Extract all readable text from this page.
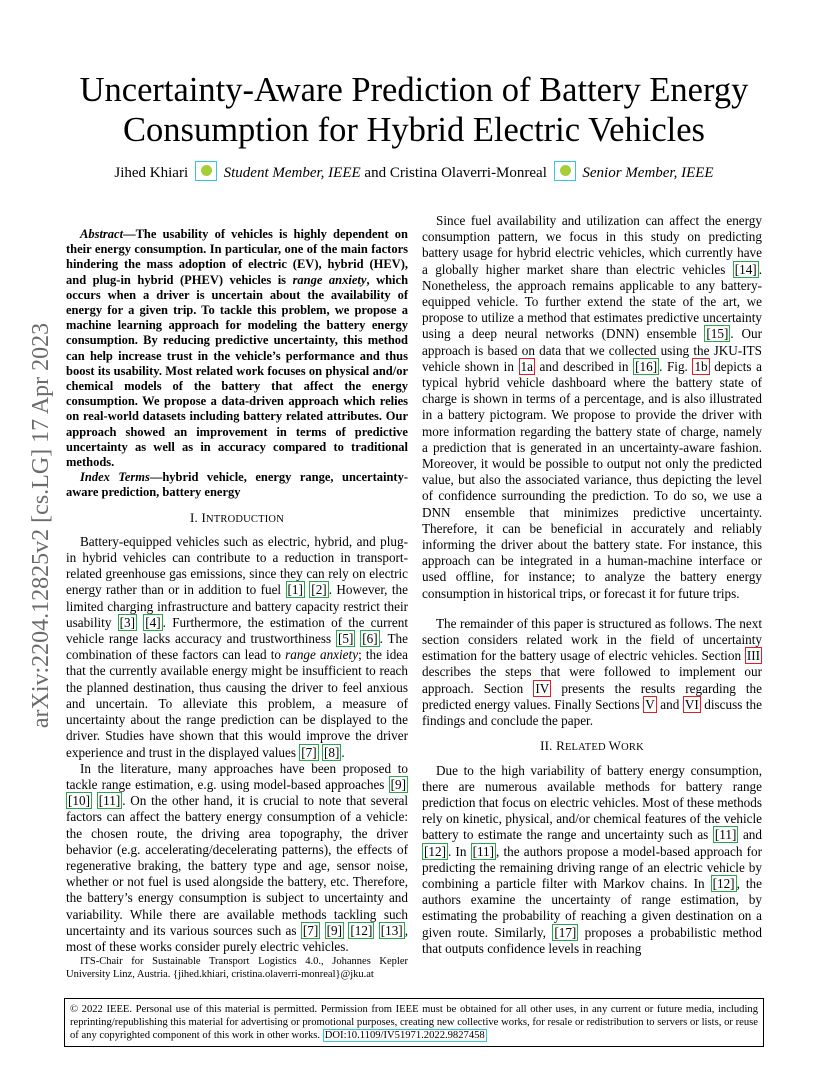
arXiv:2204.12825v2 [cs.LG] 17 Apr 2023
Uncertainty-Aware Prediction of Battery Energy Consumption for Hybrid Electric Vehicles
Jihed Khiari Student Member, IEEE and Cristina Olaverri-Monreal Senior Member, IEEE

Abstract—The usability of vehicles is highly dependent on their energy consumption. In particular, one of the main factors hindering the mass adoption of electric (EV), hybrid (HEV), and plug-in hybrid (PHEV) vehicles is range anxiety, which occurs when a driver is uncertain about the availability of energy for a given trip. To tackle this problem, we propose a machine learning approach for modeling the battery energy consumption. By reducing predictive uncertainty, this method can help increase trust in the vehicle’s performance and thus boost its usability. Most related work focuses on physical and/or chemical models of the battery that affect the energy consumption. We propose a data-driven approach which relies on real-world datasets including battery related attributes. Our approach showed an improvement in terms of predictive uncertainty as well as in accuracy compared to traditional methods.

Index Terms—hybrid vehicle, energy range, uncertainty-aware prediction, battery energy

I. INTRODUCTION

Battery-equipped vehicles such as electric, hybrid, and plug-in hybrid vehicles can contribute to a reduction in transport-related greenhouse gas emissions, since they can rely on electric energy rather than or in addition to fuel [1] [2] . However, the limited charging infrastructure and battery capacity restrict their usability [3] [4] . Furthermore, the estimation of the current vehicle range lacks accuracy and trustworthiness [5] [6] . The combination of these factors can lead to range anxiety; the idea that the currently available energy might be insufficient to reach the planned destination, thus causing the driver to feel anxious and uncertain. To alleviate this problem, a measure of uncertainty about the range prediction can be displayed to the driver. Studies have shown that this would improve the driver experience and trust in the displayed values [7] [8] .

In the literature, many approaches have been proposed to tackle range estimation, e.g. using model-based approaches [9] [10] [11] . On the other hand, it is crucial to note that several factors can affect the battery energy consumption of a vehicle: the chosen route, the driving area topography, the driver behavior (e.g. accelerating/decelerating patterns), the effects of regenerative braking, the battery type and age, sensor noise, whether or not fuel is used alongside the battery, etc. Therefore, the battery’s energy consumption is subject to uncertainty and variability. While there are available methods tackling such uncertainty and its various sources such as [7] [9] [12] [13] , most of these works consider purely electric vehicles.

ITS-Chair for Sustainable Transport Logistics 4.0., Johannes Kepler University Linz, Austria. {jihed.khiari, cristina.olaverri-monreal}@jku.at

Since fuel availability and utilization can affect the energy consumption pattern, we focus in this study on predicting battery usage for hybrid electric vehicles, which currently have a globally higher market share than electric vehicles [14] . Nonetheless, the approach remains applicable to any battery-equipped vehicle. To further extend the state of the art, we propose to utilize a method that estimates predictive uncertainty using a deep neural networks (DNN) ensemble [15] . Our approach is based on data that we collected using the JKU-ITS vehicle shown in 1a and described in [16] . Fig. 1b depicts a typical hybrid vehicle dashboard where the battery state of charge is shown in terms of a percentage, and is also illustrated in a battery pictogram. We propose to provide the driver with more information regarding the battery state of charge, namely a prediction that is generated in an uncertainty-aware fashion. Moreover, it would be possible to output not only the predicted value, but also the associated variance, thus depicting the level of confidence surrounding the prediction. To do so, we use a DNN ensemble that minimizes predictive uncertainty. Therefore, it can be beneficial in accurately and reliably informing the driver about the battery state. For instance, this approach can be integrated in a human-machine interface or used offline, for instance; to analyze the battery energy consumption in historical trips, or forecast it for future trips.

The remainder of this paper is structured as follows. The next section considers related work in the field of uncertainty estimation for the battery usage of electric vehicles. Section III describes the steps that were followed to implement our approach. Section IV presents the results regarding the predicted energy values. Finally Sections V and VI discuss the findings and conclude the paper.

II. RELATED WORK

Due to the high variability of battery energy consumption, there are numerous available methods for battery range prediction that focus on electric vehicles. Most of these methods rely on kinetic, physical, and/or chemical features of the vehicle battery to estimate the range and uncertainty such as [11] and [12] . In [11] , the authors propose a model-based approach for predicting the remaining driving range of an electric vehicle by combining a particle filter with Markov chains. In [12] , the authors examine the uncertainty of range estimation, by estimating the probability of reaching a given destination on a given route. Similarly, [17] proposes a probabilistic method that outputs confidence levels in reaching

© 2022 IEEE. Personal use of this material is permitted. Permission from IEEE must be obtained for all other uses, in any current or future media, including reprinting/republishing this material for advertising or promotional purposes, creating new collective works, for resale or redistribution to servers or lists, or reuse of any copyrighted component of this work in other works. DOI:10.1109/IV51971.2022.9827458
